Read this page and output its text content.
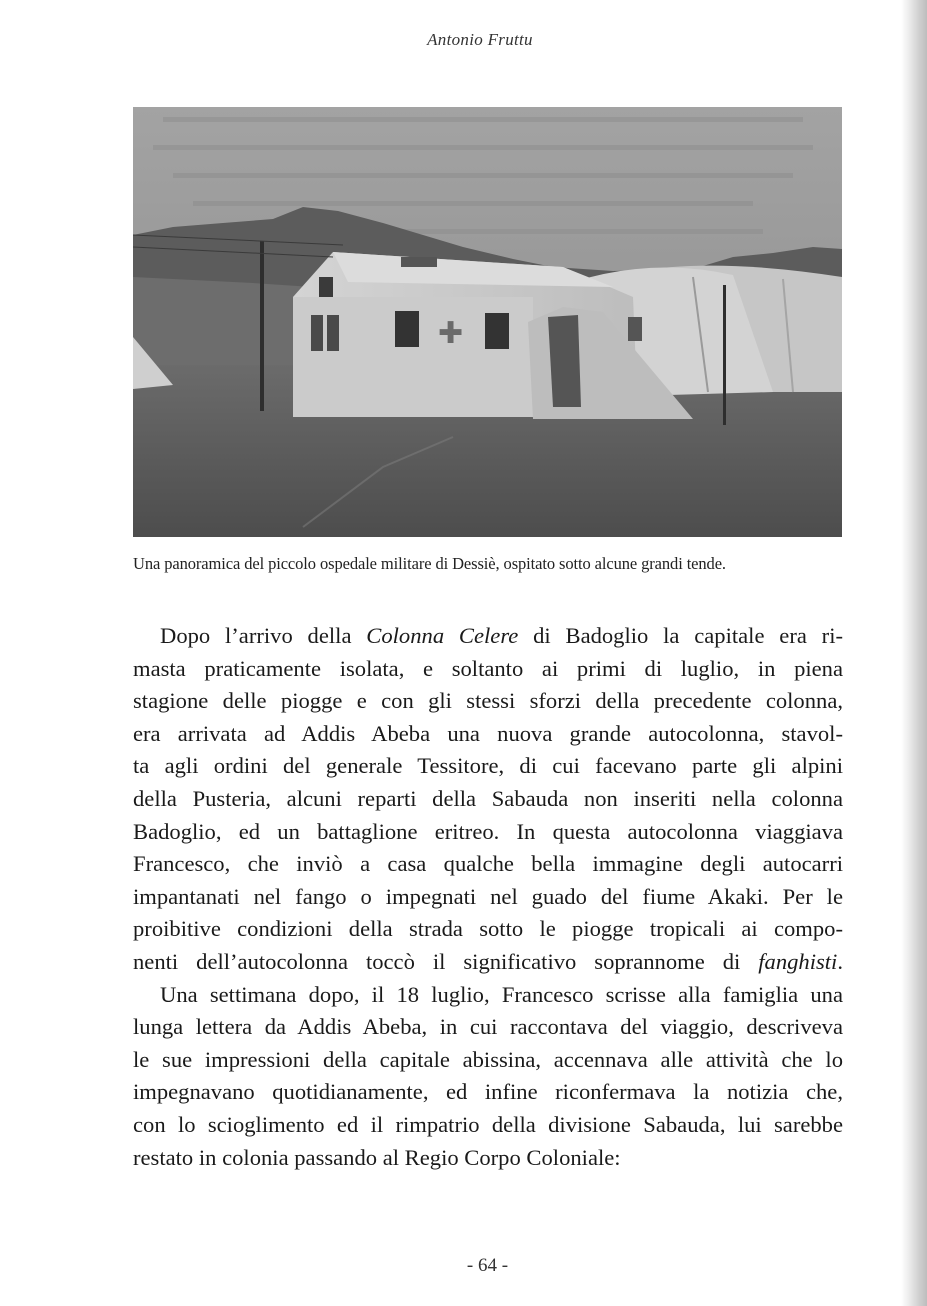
Antonio Fruttu
✚
Una panoramica del piccolo ospedale militare di Dessiè, ospitato sotto alcune grandi tende.
Dopo l’arrivo della Colonna Celere di Badoglio la capitale era ri-
masta praticamente isolata, e soltanto ai primi di luglio, in piena
stagione delle piogge e con gli stessi sforzi della precedente colonna,
era arrivata ad Addis Abeba una nuova grande autocolonna, stavol-
ta agli ordini del generale Tessitore, di cui facevano parte gli alpini
della Pusteria, alcuni reparti della Sabauda non inseriti nella colonna
Badoglio, ed un battaglione eritreo. In questa autocolonna viaggiava
Francesco, che inviò a casa qualche bella immagine degli autocarri
impantanati nel fango o impegnati nel guado del fiume Akaki. Per le
proibitive condizioni della strada sotto le piogge tropicali ai compo-
nenti dell’autocolonna toccò il significativo soprannome di fanghisti.
Una settimana dopo, il 18 luglio, Francesco scrisse alla famiglia una
lunga lettera da Addis Abeba, in cui raccontava del viaggio, descriveva
le sue impressioni della capitale abissina, accennava alle attività che lo
impegnavano quotidianamente, ed infine riconfermava la notizia che,
con lo scioglimento ed il rimpatrio della divisione Sabauda, lui sarebbe
restato in colonia passando al Regio Corpo Coloniale:
- 64 -
